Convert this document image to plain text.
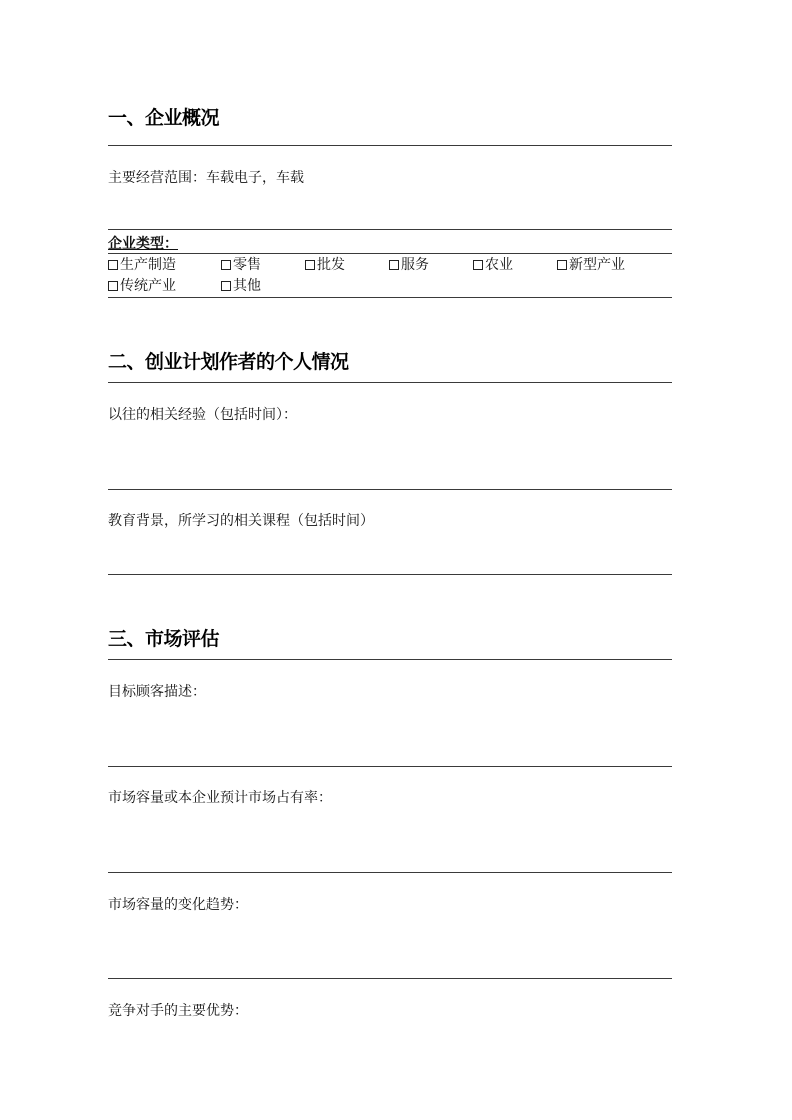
一、企业概况
主要经营范围：车载电子，车载
企业类型：
生产制造	零售	批发	服务	农业	新型产业
传统产业	其他
二、创业计划作者的个人情况
以往的相关经验（包括时间）：
教育背景，所学习的相关课程（包括时间）
三、市场评估
目标顾客描述：
市场容量或本企业预计市场占有率：
市场容量的变化趋势：
竞争对手的主要优势：
